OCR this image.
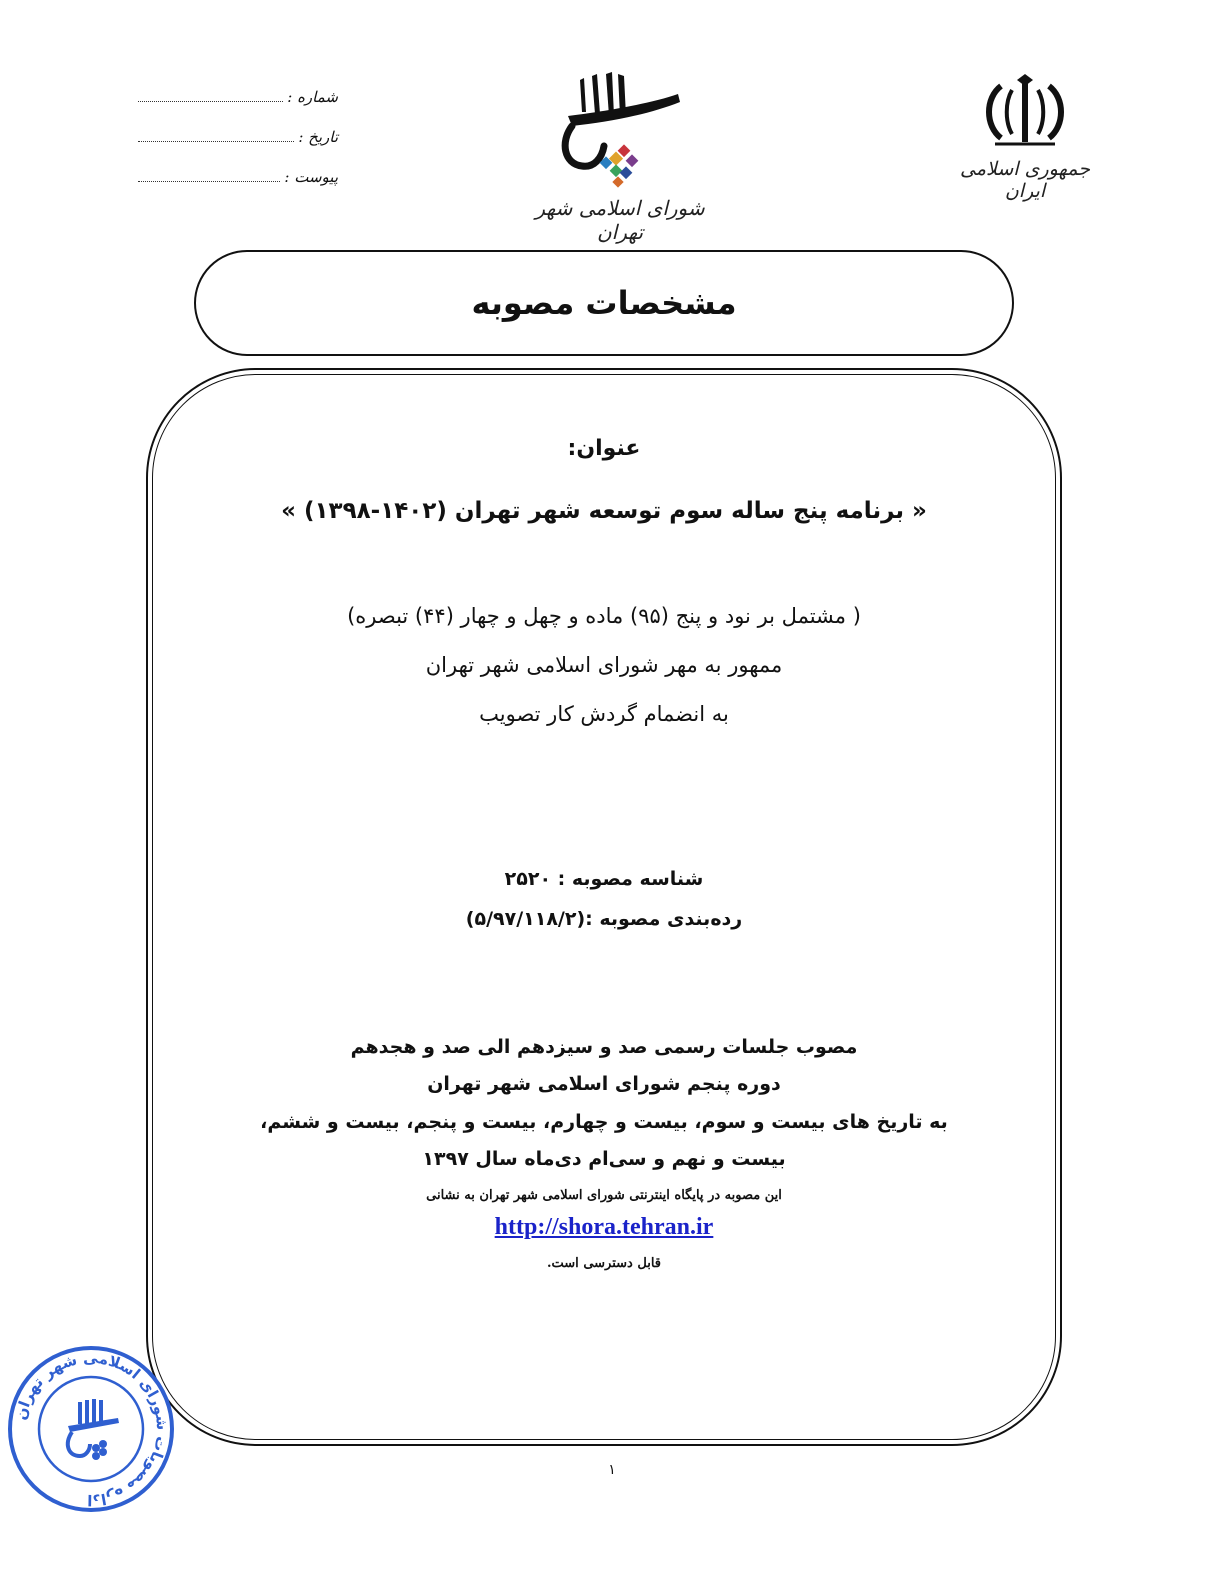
شماره :
تاریخ :
پیوست :
شورای اسلامی شهر تهران
جمهوری اسلامی ایران
مشخصات مصوبه
عنوان:
« برنامه پنج ساله سوم توسعه شهر تهران (۱۴۰۲-۱۳۹۸) »
( مشتمل بر نود و پنج (۹۵) ماده و چهل و چهار (۴۴) تبصره)
ممهور به مهر شورای اسلامی شهر تهران
به انضمام گردش کار تصویب
شناسه مصوبه : ۲۵۲۰
رده‌بندی مصوبه :(۵/۹۷/۱۱۸/۲)
مصوب جلسات رسمی صد و سیزدهم الی صد و هجدهم
دوره پنجم شورای اسلامی شهر تهران
به تاریخ های بیست و سوم، بیست و چهارم، بیست و پنجم، بیست و ششم،
بیست و نهم و سی‌ام دی‌ماه سال ۱۳۹۷
این مصوبه در پایگاه اینترنتی شورای اسلامی شهر تهران به نشانی
http://shora.tehran.ir
قابل دسترسی است.
۱
اداره مصوبات شورای اسلامی شهر تهران
